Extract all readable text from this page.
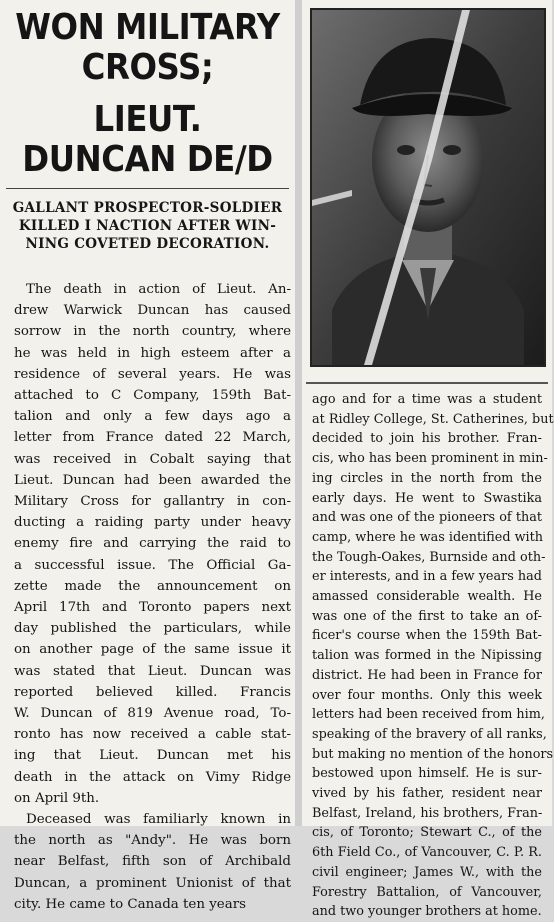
WON MILITARY CROSS;
LIEUT. DUNCAN DE/D
GALLANT PROSPECTOR-SOLDIER
KILLED I NACTION AFTER WIN-
NING COVETED DECORATION.
The death in action of Lieut. An-
drew Warwick Duncan has caused
sorrow in the north country, where
he was held in high esteem after a
residence of several years. He was
attached to C Company, 159th Bat-
talion and only a few days ago a
letter from France dated 22 March,
was received in Cobalt saying that
Lieut. Duncan had been awarded the
Military Cross for gallantry in con-
ducting a raiding party under heavy
enemy fire and carrying the raid to
a successful issue. The Official Ga-
zette made the announcement on
April 17th and Toronto papers next
day published the particulars, while
on another page of the same issue it
was stated that Lieut. Duncan was
reported believed killed. Francis
W. Duncan of 819 Avenue road, To-
ronto has now received a cable stat-
ing that Lieut. Duncan met his
death in the attack on Vimy Ridge
on April 9th.
Deceased was familiarly known in
the north as "Andy". He was born
near Belfast, fifth son of Archibald
Duncan, a prominent Unionist of that
city. He came to Canada ten years
ago and for a time was a student
at Ridley College, St. Catherines, but
decided to join his brother. Fran-
cis, who has been prominent in min-
ing circles in the north from the
early days. He went to Swastika
and was one of the pioneers of that
camp, where he was identified with
the Tough-Oakes, Burnside and oth-
er interests, and in a few years had
amassed considerable wealth. He
was one of the first to take an of-
ficer's course when the 159th Bat-
talion was formed in the Nipissing
district. He had been in France for
over four months. Only this week
letters had been received from him,
speaking of the bravery of all ranks,
but making no mention of the honors
bestowed upon himself. He is sur-
vived by his father, resident near
Belfast, Ireland, his brothers, Fran-
cis, of Toronto; Stewart C., of the
6th Field Co., of Vancouver, C. P. R.
civil engineer; James W., with the
Forestry Battalion, of Vancouver,
and two younger brothers at home.
